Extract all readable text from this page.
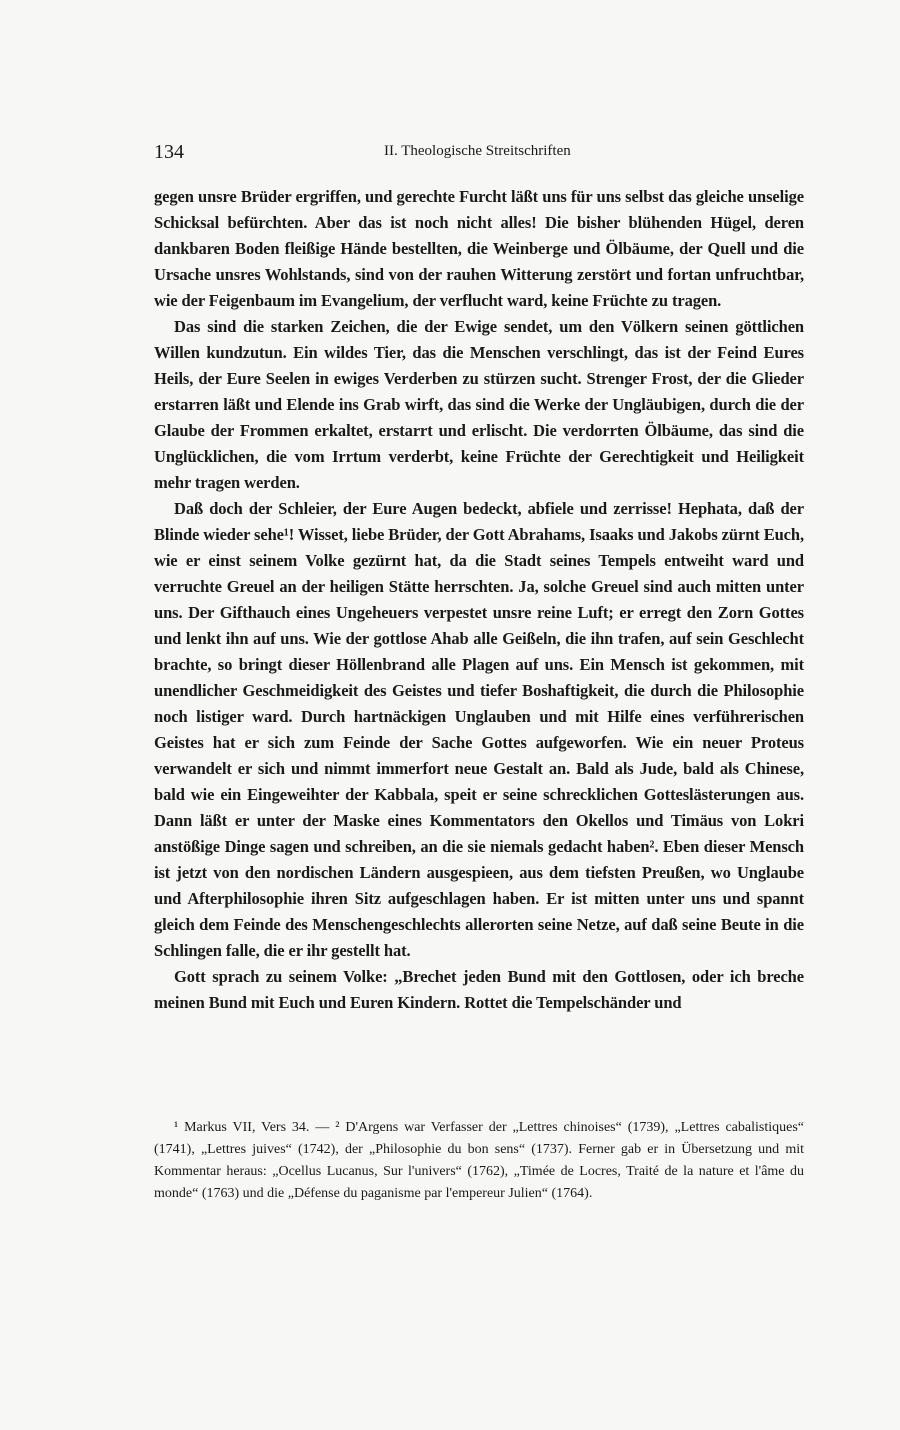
134	II. Theologische Streitschriften

gegen unsre Brüder ergriffen, und gerechte Furcht läßt uns für uns selbst das gleiche unselige Schicksal befürchten. Aber das ist noch nicht alles! Die bisher blühenden Hügel, deren dankbaren Boden fleißige Hände bestellten, die Weinberge und Ölbäume, der Quell und die Ursache unsres Wohlstands, sind von der rauhen Witterung zerstört und fortan unfruchtbar, wie der Feigenbaum im Evangelium, der verflucht ward, keine Früchte zu tragen.

Das sind die starken Zeichen, die der Ewige sendet, um den Völkern seinen göttlichen Willen kundzutun. Ein wildes Tier, das die Menschen verschlingt, das ist der Feind Eures Heils, der Eure Seelen in ewiges Verderben zu stürzen sucht. Strenger Frost, der die Glieder erstarren läßt und Elende ins Grab wirft, das sind die Werke der Ungläubigen, durch die der Glaube der Frommen erkaltet, erstarrt und erlischt. Die verdorrten Ölbäume, das sind die Unglücklichen, die vom Irrtum verderbt, keine Früchte der Gerechtigkeit und Heiligkeit mehr tragen werden.

Daß doch der Schleier, der Eure Augen bedeckt, abfiele und zerrisse! Hephata, daß der Blinde wieder sehe¹! Wisset, liebe Brüder, der Gott Abrahams, Isaaks und Jakobs zürnt Euch, wie er einst seinem Volke gezürnt hat, da die Stadt seines Tempels entweiht ward und verruchte Greuel an der heiligen Stätte herrschten. Ja, solche Greuel sind auch mitten unter uns. Der Gifthauch eines Ungeheuers verpestet unsre reine Luft; er erregt den Zorn Gottes und lenkt ihn auf uns. Wie der gottlose Ahab alle Geißeln, die ihn trafen, auf sein Geschlecht brachte, so bringt dieser Höllenbrand alle Plagen auf uns. Ein Mensch ist gekommen, mit unendlicher Geschmeidigkeit des Geistes und tiefer Boshaftigkeit, die durch die Philosophie noch listiger ward. Durch hartnäckigen Unglauben und mit Hilfe eines verführerischen Geistes hat er sich zum Feinde der Sache Gottes aufgeworfen. Wie ein neuer Proteus verwandelt er sich und nimmt immerfort neue Gestalt an. Bald als Jude, bald als Chinese, bald wie ein Eingeweihter der Kabbala, speit er seine schrecklichen Gotteslästerungen aus. Dann läßt er unter der Maske eines Kommentators den Okellos und Timäus von Lokri anstößige Dinge sagen und schreiben, an die sie niemals gedacht haben². Eben dieser Mensch ist jetzt von den nordischen Ländern ausgespieen, aus dem tiefsten Preußen, wo Unglaube und Afterphilosophie ihren Sitz aufgeschlagen haben. Er ist mitten unter uns und spannt gleich dem Feinde des Menschengeschlechts allerorten seine Netze, auf daß seine Beute in die Schlingen falle, die er ihr gestellt hat.

Gott sprach zu seinem Volke: „Brechet jeden Bund mit den Gottlosen, oder ich breche meinen Bund mit Euch und Euren Kindern. Rottet die Tempelschänder und

¹ Markus VII, Vers 34. — ² D'Argens war Verfasser der „Lettres chinoises“ (1739), „Lettres cabalistiques“ (1741), „Lettres juives“ (1742), der „Philosophie du bon sens“ (1737). Ferner gab er in Übersetzung und mit Kommentar heraus: „Ocellus Lucanus, Sur l'univers“ (1762), „Timée de Locres, Traité de la nature et l'âme du monde“ (1763) und die „Défense du paganisme par l'empereur Julien“ (1764).
